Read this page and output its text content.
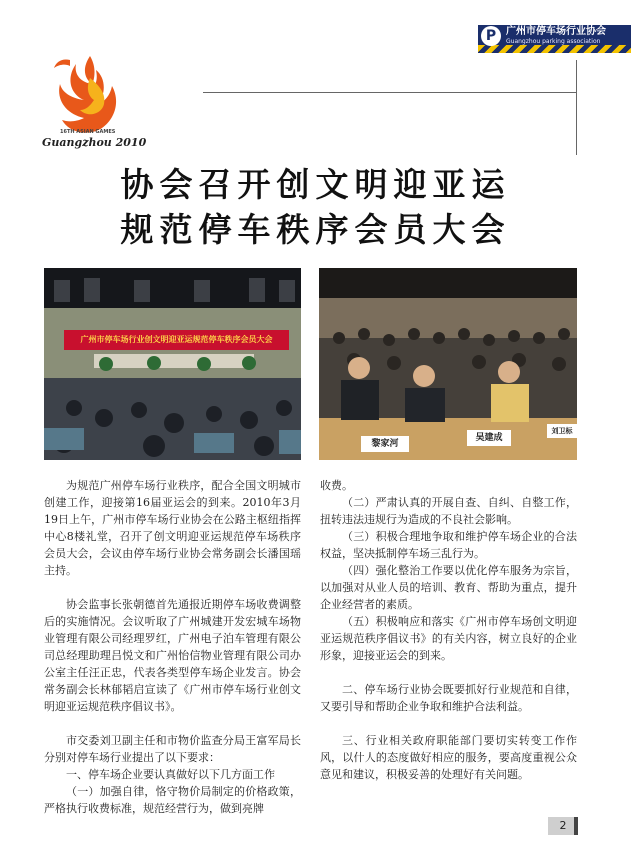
P 广州市停车场行业协会
Guangzhou parking association
16TH ASIAN GAMES
Guangzhou 2010
协会召开创文明迎亚运
规范停车秩序会员大会
广州市停车场行业创文明迎亚运规范停车秩序会员大会
黎家河
吴建成
刘卫标

为规范广州停车场行业秩序，配合全国文明城市创建工作，迎接第16届亚运会的到来。2010年3月19日上午，广州市停车场行业协会在公路主枢纽指挥中心8楼礼堂，召开了创文明迎亚运规范停车场秩序会员大会，会议由停车场行业协会常务副会长潘国瑶主持。

协会监事长张朝德首先通报近期停车场收费调整后的实施情况。会议听取了广州城建开发宏城车场物业管理有限公司经理罗红，广州电子泊车管理有限公司总经理助理吕悦文和广州怡信物业管理有限公司办公室主任汪正忠，代表各类型停车场企业发言。协会常务副会长林郁韬启宣读了《广州市停车场行业创文明迎亚运规范秩序倡议书》。

市交委刘卫副主任和市物价监查分局王富军局长分别对停车场行业提出了以下要求：

一、停车场企业要认真做好以下几方面工作

（一）加强自律，恪守物价局制定的价格政策，严格执行收费标准，规范经营行为，做到亮牌

收费。

（二）严肃认真的开展自查、自纠、自整工作，扭转违法违规行为造成的不良社会影响。

（三）积极合理地争取和维护停车场企业的合法权益，坚决抵制停车场三乱行为。

（四）强化整治工作要以优化停车服务为宗旨，以加强对从业人员的培训、教育、帮助为重点，提升企业经营者的素质。

（五）积极响应和落实《广州市停车场创文明迎亚运规范秩序倡议书》的有关内容，树立良好的企业形象，迎接亚运会的到来。

二、停车场行业协会既要抓好行业规范和自律，又要引导和帮助企业争取和维护合法利益。

三、行业相关政府职能部门要切实转变工作作风，以什人的态度做好相应的服务，要高度重视公众意见和建议，积极妥善的处理好有关问题。

2
